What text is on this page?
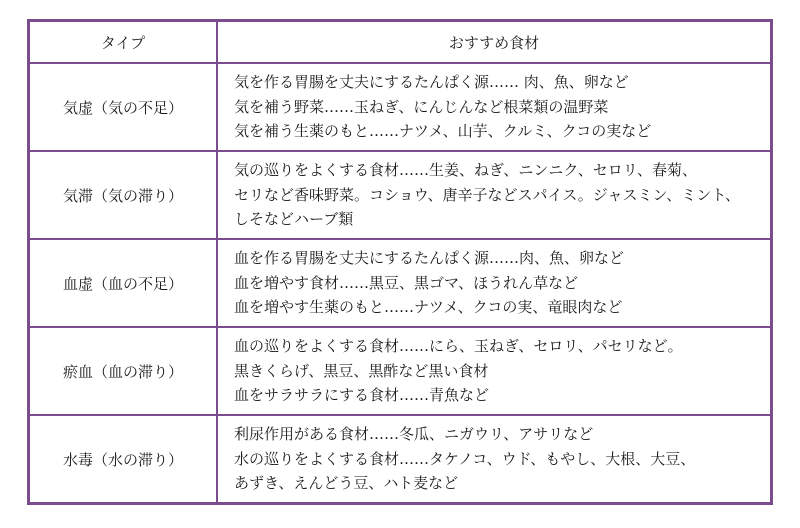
タイプ	おすすめ食材
気虚（気の不足）	気を作る胃腸を丈夫にするたんぱく源…… 肉、魚、卵など
気を補う野菜……玉ねぎ、にんじんなど根菜類の温野菜
気を補う生薬のもと……ナツメ、山芋、クルミ、クコの実など

気滞（気の滞り）	気の巡りをよくする食材……生姜、ねぎ、ニンニク、セロリ、春菊、
セリなど香味野菜。コショウ、唐辛子などスパイス。ジャスミン、ミント、
しそなどハーブ類

血虚（血の不足）	血を作る胃腸を丈夫にするたんぱく源……肉、魚、卵など
血を増やす食材……黒豆、黒ゴマ、ほうれん草など
血を増やす生薬のもと……ナツメ、クコの実、竜眼肉など

瘀血（血の滞り）	血の巡りをよくする食材……にら、玉ねぎ、セロリ、パセリなど。
黒きくらげ、黒豆、黒酢など黒い食材
血をサラサラにする食材……青魚など

水毒（水の滞り）	利尿作用がある食材……冬瓜、ニガウリ、アサリなど
水の巡りをよくする食材……タケノコ、ウド、もやし、大根、大豆、
あずき、えんどう豆、ハト麦など
